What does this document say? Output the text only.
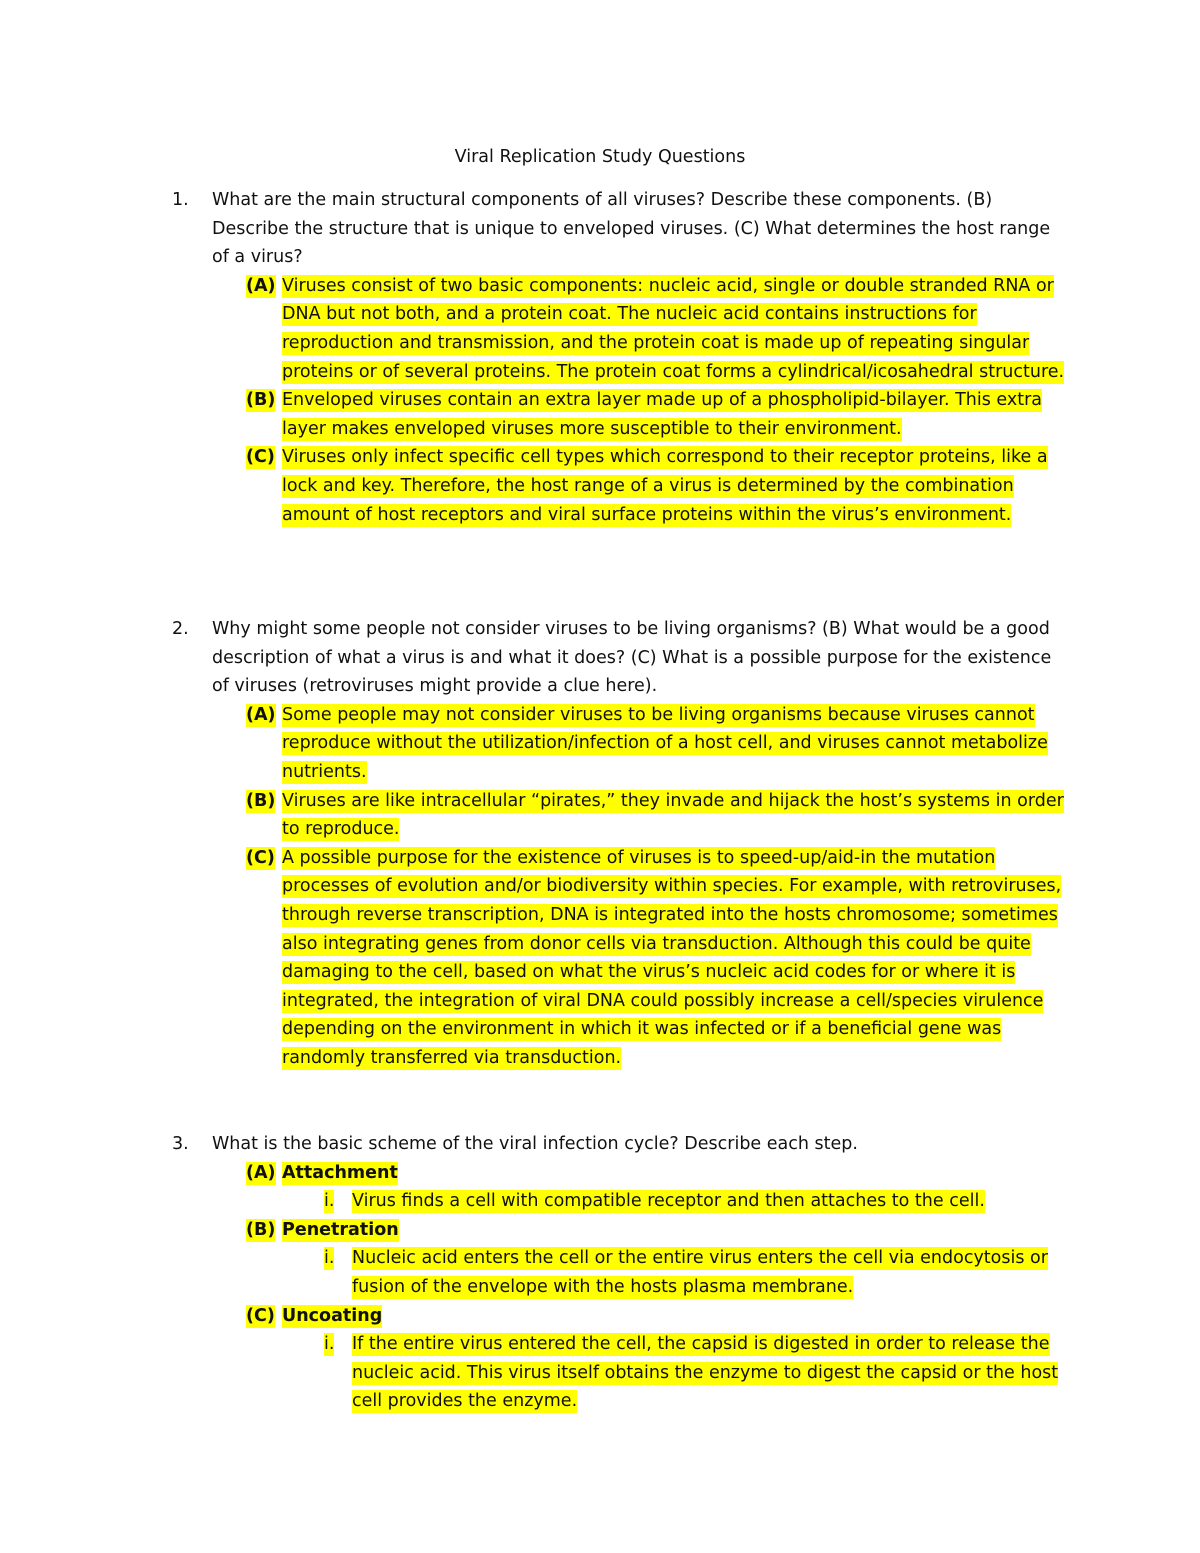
Viral Replication Study Questions
1. What are the main structural components of all viruses? Describe these components. (B) Describe the structure that is unique to enveloped viruses. (C) What determines the host range of a virus?
(A) Viruses consist of two basic components: nucleic acid, single or double stranded RNA or DNA but not both, and a protein coat. The nucleic acid contains instructions for reproduction and transmission, and the protein coat is made up of repeating singular proteins or of several proteins. The protein coat forms a cylindrical/icosahedral structure.
(B) Enveloped viruses contain an extra layer made up of a phospholipid-bilayer. This extra layer makes enveloped viruses more susceptible to their environment.
(C) Viruses only infect specific cell types which correspond to their receptor proteins, like a lock and key. Therefore, the host range of a virus is determined by the combination amount of host receptors and viral surface proteins within the virus’s environment.
2. Why might some people not consider viruses to be living organisms? (B) What would be a good description of what a virus is and what it does? (C) What is a possible purpose for the existence of viruses (retroviruses might provide a clue here).
(A) Some people may not consider viruses to be living organisms because viruses cannot reproduce without the utilization/infection of a host cell, and viruses cannot metabolize nutrients.
(B) Viruses are like intracellular “pirates,” they invade and hijack the host’s systems in order to reproduce.
(C) A possible purpose for the existence of viruses is to speed-up/aid-in the mutation processes of evolution and/or biodiversity within species. For example, with retroviruses, through reverse transcription, DNA is integrated into the hosts chromosome; sometimes also integrating genes from donor cells via transduction. Although this could be quite damaging to the cell, based on what the virus’s nucleic acid codes for or where it is integrated, the integration of viral DNA could possibly increase a cell/species virulence depending on the environment in which it was infected or if a beneficial gene was randomly transferred via transduction.
3. What is the basic scheme of the viral infection cycle? Describe each step.
(A) Attachment
i. Virus finds a cell with compatible receptor and then attaches to the cell.
(B) Penetration
i. Nucleic acid enters the cell or the entire virus enters the cell via endocytosis or fusion of the envelope with the hosts plasma membrane.
(C) Uncoating
i. If the entire virus entered the cell, the capsid is digested in order to release the nucleic acid. This virus itself obtains the enzyme to digest the capsid or the host cell provides the enzyme.
